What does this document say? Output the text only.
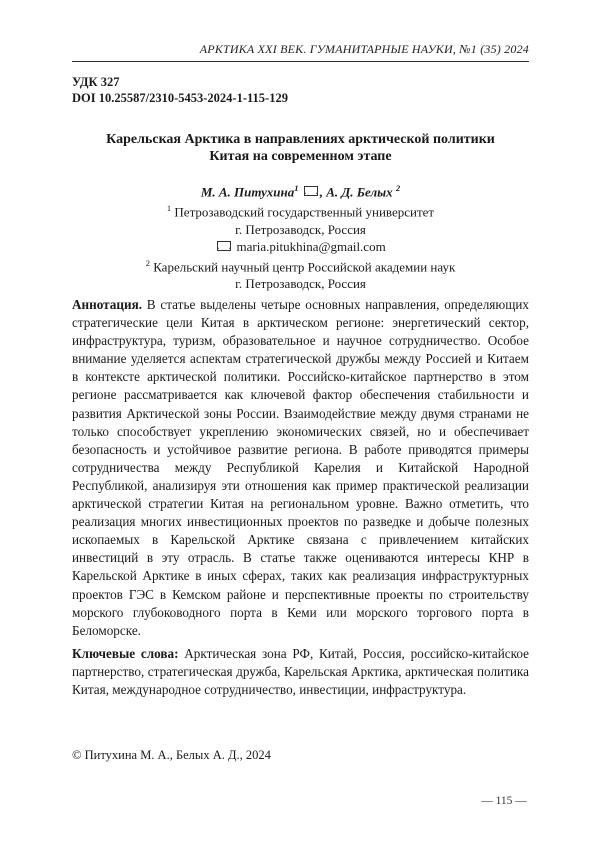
АРКТИКА XXI ВЕК. ГУМАНИТАРНЫЕ НАУКИ, №1 (35) 2024
УДК 327
DOI 10.25587/2310-5453-2024-1-115-129
Карельская Арктика в направлениях арктической политики
Китая на современном этапе
М. А. Питухина$^1$ , А. Д. Белых $^2$
$^1$ Петрозаводский государственный университет
г. Петрозаводск, Россия
maria.pitukhina@gmail.com
$^2$ Карельский научный центр Российской академии наук
г. Петрозаводск, Россия
Аннотация. В статье выделены четыре основных направления, определяющих стратегические цели Китая в арктическом регионе: энергетический сектор, инфраструктура, туризм, образовательное и научное сотрудничество. Особое внимание уделяется аспектам стратегической дружбы между Россией и Китаем в контексте арктической политики. Российско-китайское партнерство в этом регионе рассматривается как ключевой фактор обеспечения стабильности и развития Арктической зоны России. Взаимодействие между двумя странами не только способствует укреплению экономических связей, но и обеспечивает безопасность и устойчивое развитие региона. В работе приводятся примеры сотрудничества между Республикой Карелия и Китайской Народной Республикой, анализируя эти отношения как пример практической реализации арктической стратегии Китая на региональном уровне. Важно отметить, что реализация многих инвестиционных проектов по разведке и добыче полезных ископаемых в Карельской Арктике связана с привлечением китайских инвестиций в эту отрасль. В статье также оцениваются интересы КНР в Карельской Арктике в иных сферах, таких как реализация инфраструктурных проектов ГЭС в Кемском районе и перспективные проекты по строительству морского глубоководного порта в Кеми или морского торгового порта в Беломорске.
Ключевые слова: Арктическая зона РФ, Китай, Россия, российско-китайское партнерство, стратегическая дружба, Карельская Арктика, арктическая политика Китая, международное сотрудничество, инвестиции, инфраструктура.
© Питухина М. А., Белых А. Д., 2024
— 115 —
